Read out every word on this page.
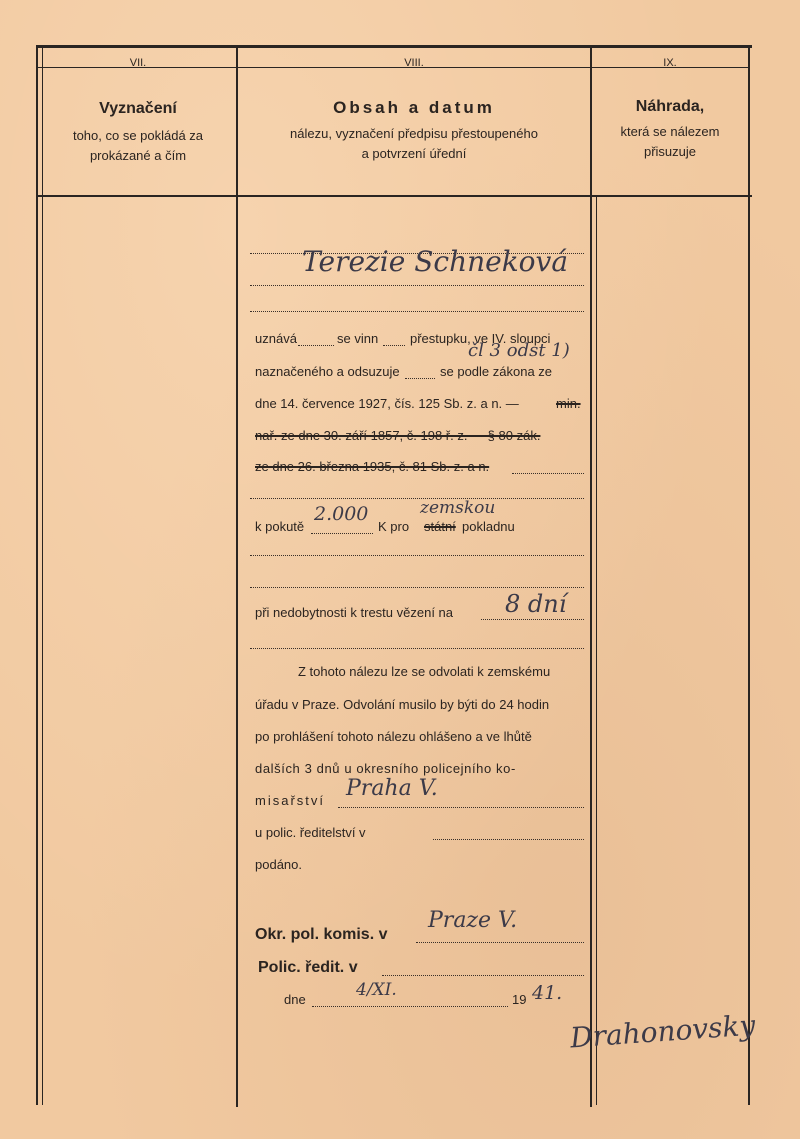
VII.
Vyznačení
toho, co se pokládá za
prokázané a čím
VIII.
Obsah a datum
nálezu, vyznačení předpisu přestoupeného
a potvrzení úřední
IX.
Náhrada,
která se nálezem
přisuzuje
Terezie Schneková
uznává	se vinn přestupku, ve IV. sloupci
čl 3 odst 1)
naznačeného a odsuzuje	se podle zákona ze
dne 14. července 1927, čís. 125 Sb. z. a n. —	min.
nař. ze dne 30. září 1857, č. 198 ř. z. — § 80 zák.
ze dne 26. března 1935, č. 81 Sb. z. a n.
zemskou
k pokutě
2.000
K pro státní pokladnu
při nedobytnosti k trestu vězení na 8 dní
Z tohoto nálezu lze se odvolati k zemskému
úřadu v Praze. Odvolání musilo by býti do 24 hodin
po prohlášení tohoto nálezu ohlášeno a ve lhůtě
dalších 3 dnů u okresního policejního ko-
misařství Praha V.
u polic. ředitelství v
podáno.
Okr. pol. komis. v
Praze V.
Polic. ředit. v
dne	4/XI.	19 41.
Drahonovsky
